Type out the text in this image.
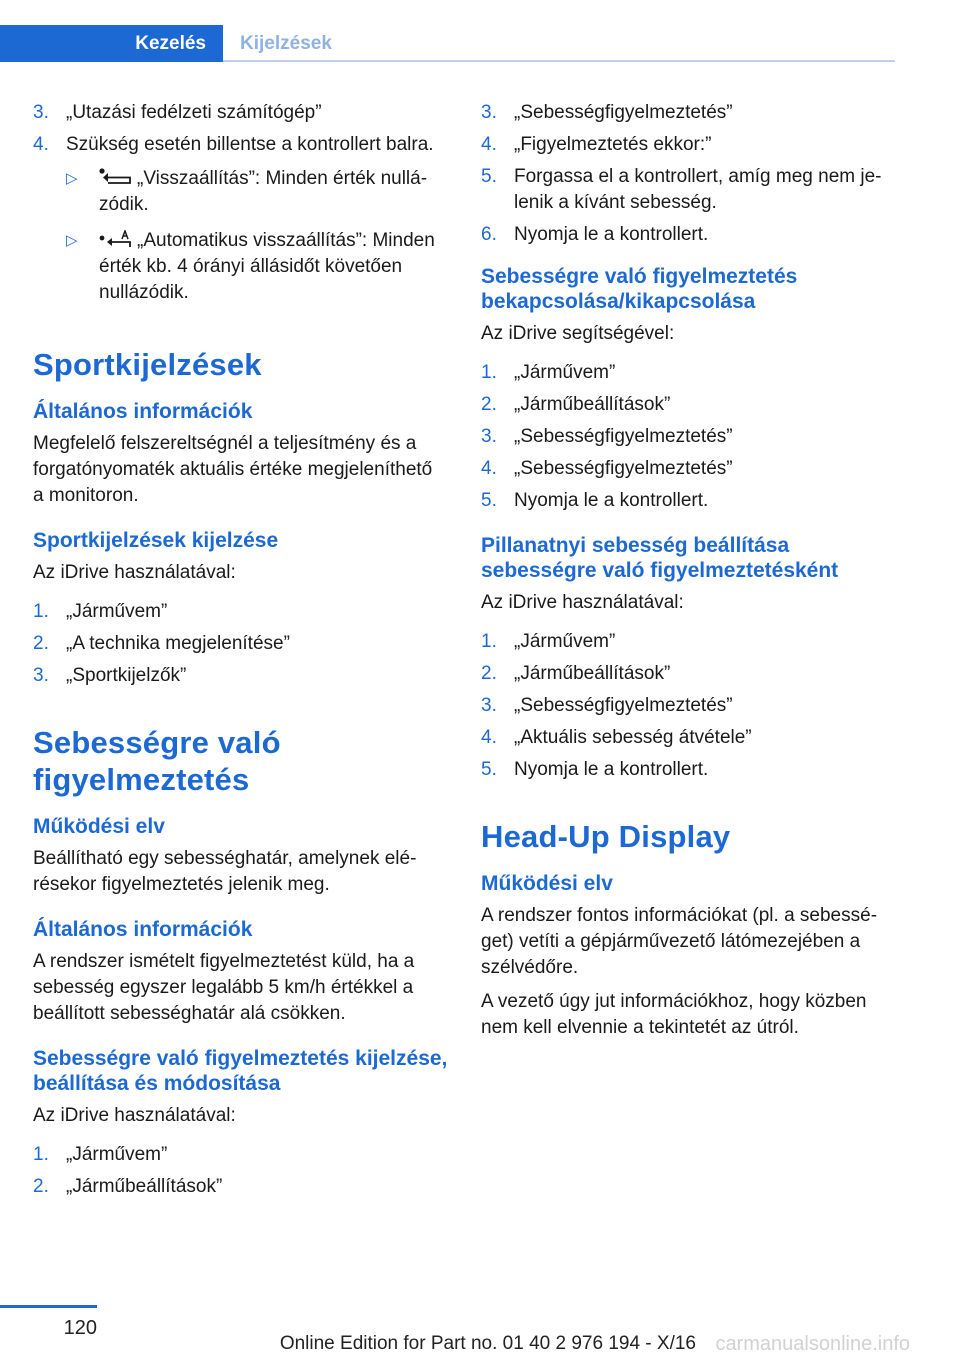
Kezelés	Kijelzések
3. „Utazási fedélzeti számítógép”
4. Szükség esetén billentse a kontrollert balra.
▷	„Visszaállítás”: Minden érték nullázódik.
▷	„Automatikus visszaállítás”: Minden érték kb. 4 órányi állásidőt követően nullázódik.
Sportkijelzések
Általános információk

Megfelelő felszereltségnél a teljesítmény és a forgatónyomaték aktuális értéke megjeleníthető a monitoron.

Sportkijelzések kijelzése

Az iDrive használatával:

1. „Járművem”
2. „A technika megjelenítése”
3. „Sportkijelzők”
Sebességre való
figyelmeztetés
Működési elv

Beállítható egy sebességhatár, amelynek elérésekor figyelmeztetés jelenik meg.

Általános információk

A rendszer ismételt figyelmeztetést küld, ha a sebesség egyszer legalább 5 km/h értékkel a beállított sebességhatár alá csökken.

Sebességre való figyelmeztetés kijelzése, beállítása és módosítása

Az iDrive használatával:

1. „Járművem”
2. „Járműbeállítások”
3. „Sebességfigyelmeztetés”
4. „Figyelmeztetés ekkor:”
5. Forgassa el a kontrollert, amíg meg nem jelenik a kívánt sebesség.
6. Nyomja le a kontrollert.
Sebességre való figyelmeztetés bekapcsolása/kikapcsolása

Az iDrive segítségével:

1. „Járművem”
2. „Járműbeállítások”
3. „Sebességfigyelmeztetés”
4. „Sebességfigyelmeztetés”
5. Nyomja le a kontrollert.
Pillanatnyi sebesség beállítása sebességre való figyelmeztetésként

Az iDrive használatával:

1. „Járművem”
2. „Járműbeállítások”
3. „Sebességfigyelmeztetés”
4. „Aktuális sebesség átvétele”
5. Nyomja le a kontrollert.
Head-Up Display
Működési elv

A rendszer fontos információkat (pl. a sebességet) vetíti a gépjárművezető látómezejében a szélvédőre.

A vezető úgy jut információkhoz, hogy közben nem kell elvennie a tekintetét az útról.

120
Online Edition for Part no. 01 40 2 976 194 - X/16 carmanualsonline.info
